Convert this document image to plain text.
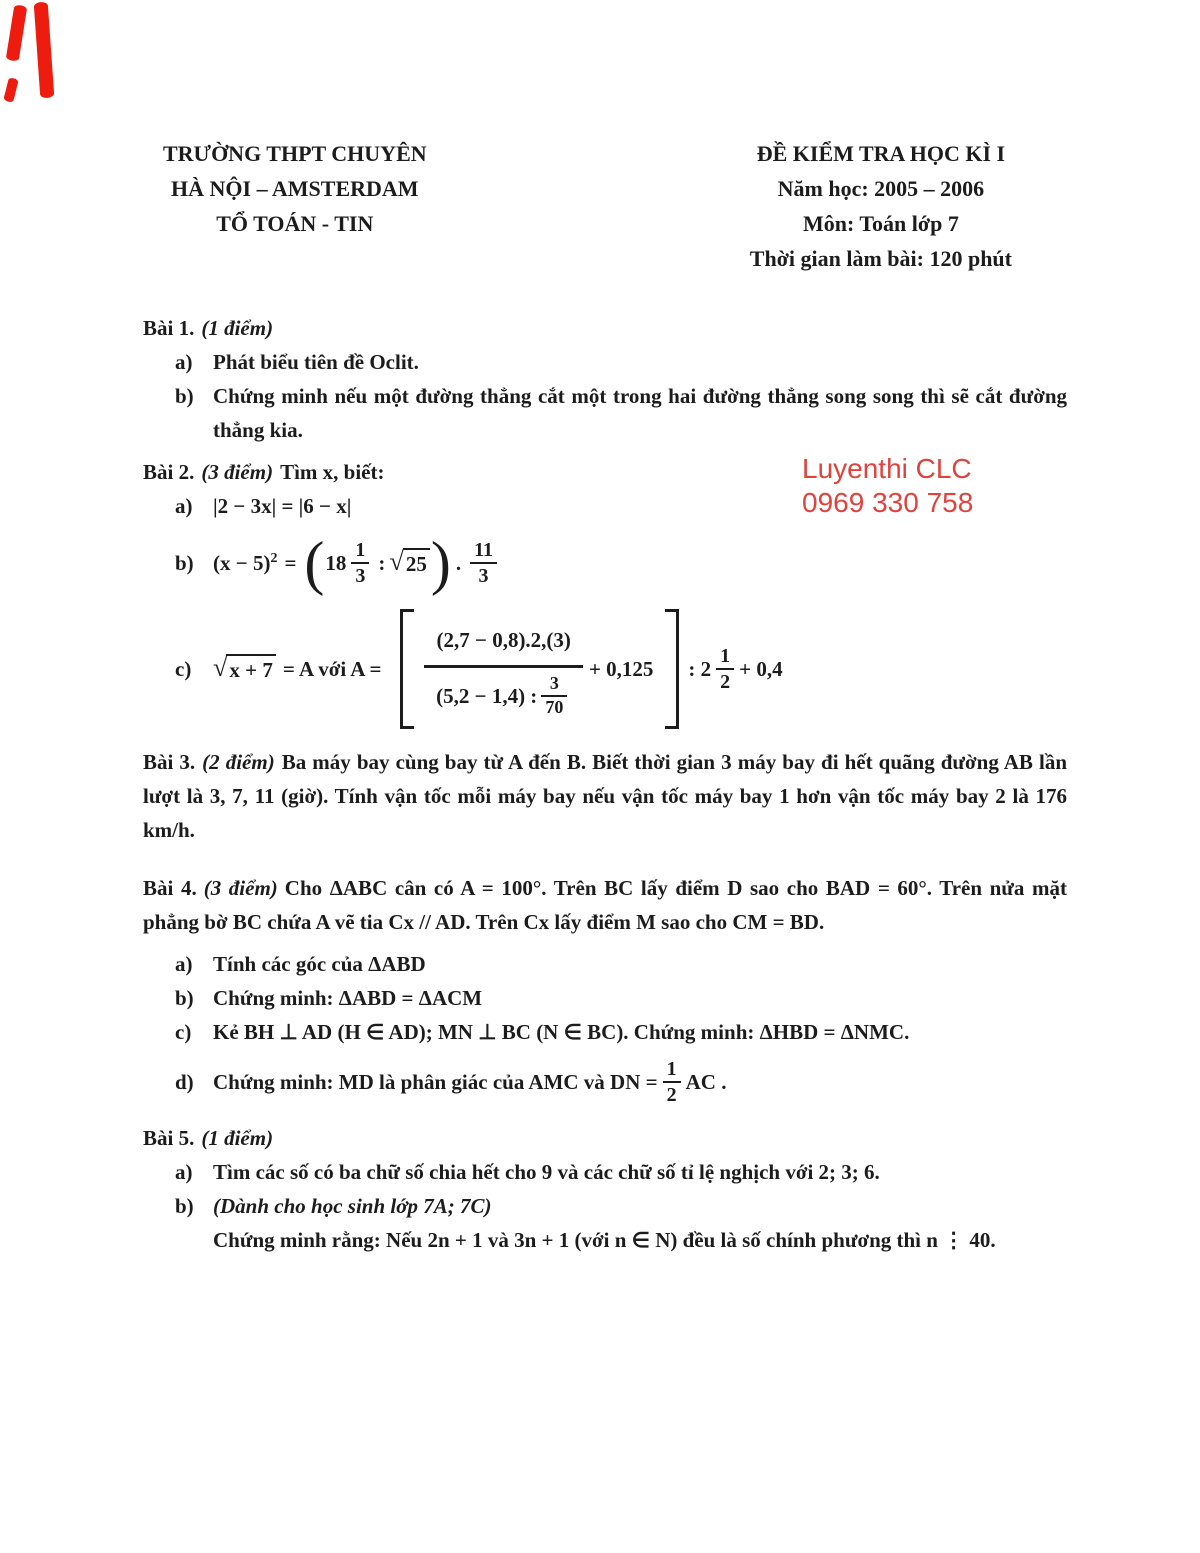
Luyenthi CLC
0969 330 758
TRƯỜNG THPT CHUYÊN
HÀ NỘI – AMSTERDAM
TỔ TOÁN - TIN
ĐỀ KIỂM TRA HỌC KÌ I
Năm học: 2005 – 2006
Môn: Toán lớp 7
Thời gian làm bài: 120 phút
Bài 1. (1 điểm)
a) Phát biểu tiên đề Oclit.
b) Chứng minh nếu một đường thẳng cắt một trong hai đường thẳng song song thì sẽ cắt đường thẳng kia.
Bài 2. (3 điểm) Tìm x, biết:
a) |2 − 3x| = |6 − x|
b) $(x - 5)^2$ = ( 18
1
3
: √ 25 ) .
11
3
c) √ x + 7 = A với A = (2,7 − 0,8).2,(3)
(5,2 − 1,4) :
3
70 + 0,125 : 2
1
2
+ 0,4

Bài 3. (2 điểm) Ba máy bay cùng bay từ A đến B. Biết thời gian 3 máy bay đi hết quãng đường AB lần lượt là 3, 7, 11 (giờ). Tính vận tốc mỗi máy bay nếu vận tốc máy bay 1 hơn vận tốc máy bay 2 là 176 km/h.

Bài 4. (3 điểm) Cho ΔABC cân có A = 100°. Trên BC lấy điểm D sao cho BAD = 60°. Trên nửa mặt phẳng bờ BC chứa A vẽ tia Cx // AD. Trên Cx lấy điểm M sao cho CM = BD.

a) Tính các góc của ΔABD
b) Chứng minh: ΔABD = ΔACM
c)	Kẻ BH ⊥ AD (H ∈ AD); MN ⊥ BC (N ∈ BC). Chứng minh: ΔHBD = ΔNMC.
d) Chứng minh: MD là phân giác của AMC và DN = $\frac{1}{2}$ AC .
Bài 5. (1 điểm)
a) Tìm các số có ba chữ số chia hết cho 9 và các chữ số tỉ lệ nghịch với 2; 3; 6.
b) (Dành cho học sinh lớp 7A; 7C)

Chứng minh rằng: Nếu 2n + 1 và 3n + 1 (với n ∈ N) đều là số chính phương thì n ⋮ 40.
